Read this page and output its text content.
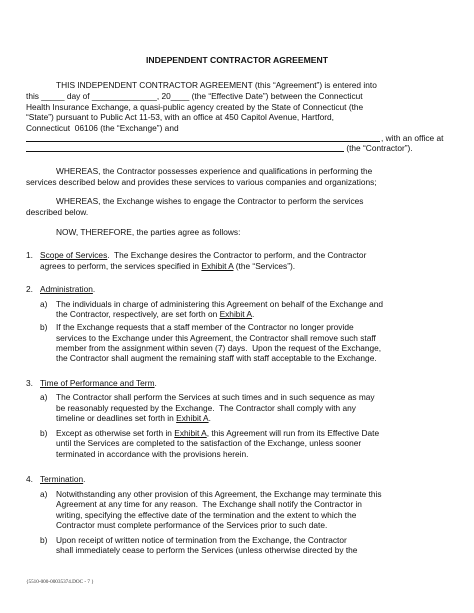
INDEPENDENT CONTRACTOR AGREEMENT
THIS INDEPENDENT CONTRACTOR AGREEMENT (this “Agreement”) is entered into
this _____ day of ______________, 20____ (the “Effective Date”) between the Connecticut
Health Insurance Exchange, a quasi-public agency created by the State of Connecticut (the
“State”) pursuant to Public Act 11-53, with an office at 450 Capitol Avenue, Hartford,
Connecticut  06106 (the “Exchange”) and
, with an office at
(the “Contractor”).
WHEREAS, the Contractor possesses experience and qualifications in performing the
services described below and provides these services to various companies and organizations;
WHEREAS, the Exchange wishes to engage the Contractor to perform the services
described below.
NOW, THEREFORE, the parties agree as follows:
1. Scope of Services.  The Exchange desires the Contractor to perform, and the Contractor
agrees to perform, the services specified in Exhibit A (the “Services”).
2. Administration.
a) The individuals in charge of administering this Agreement on behalf of the Exchange and
the Contractor, respectively, are set forth on Exhibit A.
b) If the Exchange requests that a staff member of the Contractor no longer provide
services to the Exchange under this Agreement, the Contractor shall remove such staff
member from the assignment within seven (7) days.  Upon the request of the Exchange,
the Contractor shall augment the remaining staff with staff acceptable to the Exchange.
3. Time of Performance and Term.
a) The Contractor shall perform the Services at such times and in such sequence as may
be reasonably requested by the Exchange.  The Contractor shall comply with any
timeline or deadlines set forth in Exhibit A.
b) Except as otherwise set forth in Exhibit A, this Agreement will run from its Effective Date
until the Services are completed to the satisfaction of the Exchange, unless sooner
terminated in accordance with the provisions herein.
4. Termination.
a) Notwithstanding any other provision of this Agreement, the Exchange may terminate this
Agreement at any time for any reason.  The Exchange shall notify the Contractor in
writing, specifying the effective date of the termination and the extent to which the
Contractor must complete performance of the Services prior to such date.
b) Upon receipt of written notice of termination from the Exchange, the Contractor
shall immediately cease to perform the Services (unless otherwise directed by the
{5510-000-00035374.DOC - 7 }
